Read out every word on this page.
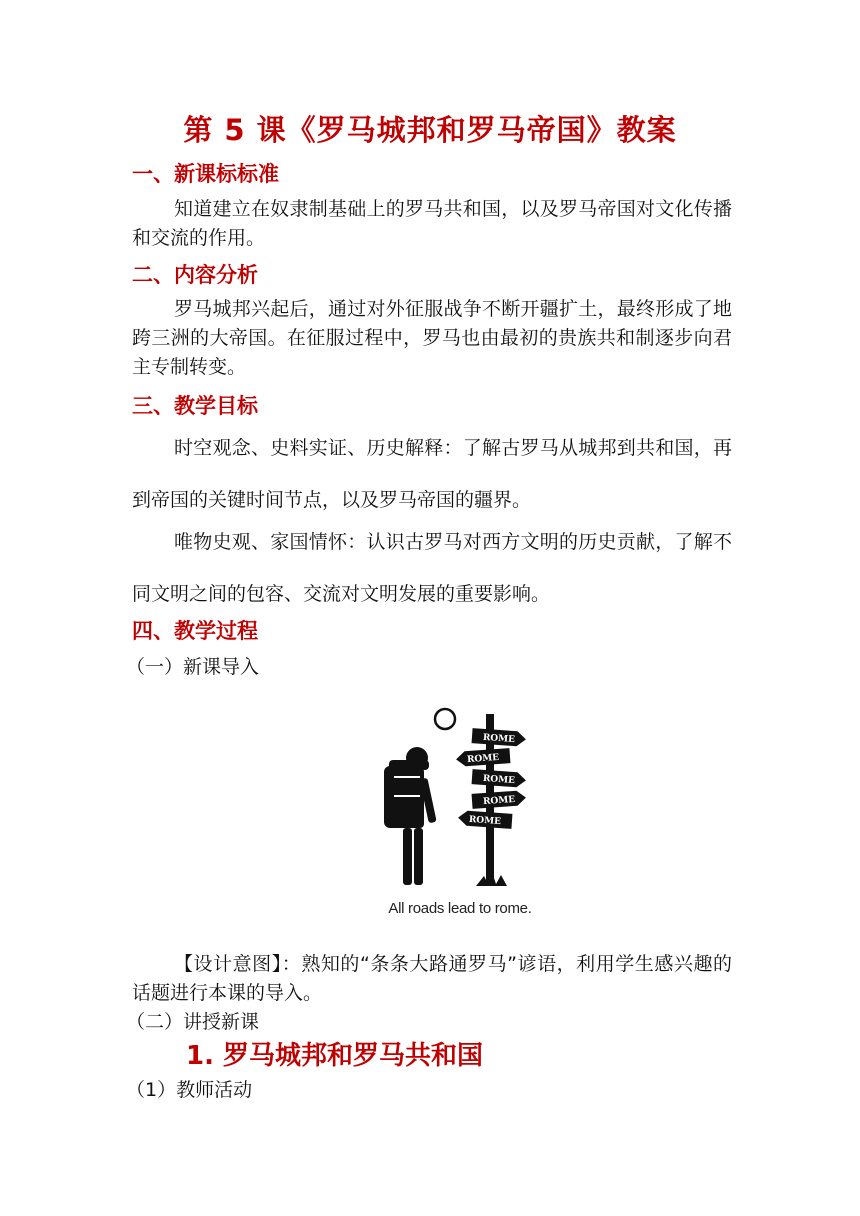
第 5 课《罗马城邦和罗马帝国》教案
一、新课标标准

知道建立在奴隶制基础上的罗马共和国，以及罗马帝国对文化传播和交流的作用。

二、内容分析

罗马城邦兴起后，通过对外征服战争不断开疆扩土，最终形成了地跨三洲的大帝国。在征服过程中，罗马也由最初的贵族共和制逐步向君主专制转变。

三、教学目标

时空观念、史料实证、历史解释：了解古罗马从城邦到共和国，再到帝国的关键时间节点，以及罗马帝国的疆界。

唯物史观、家国情怀：认识古罗马对西方文明的历史贡献，了解不同文明之间的包容、交流对文明发展的重要影响。

四、教学过程
（一）新课导入
ROME
ROME
ROME
ROME
ROME
All roads lead to rome.

【设计意图】：熟知的“条条大路通罗马”谚语，利用学生感兴趣的话题进行本课的导入。

（二）讲授新课
1. 罗马城邦和罗马共和国
（1）教师活动
